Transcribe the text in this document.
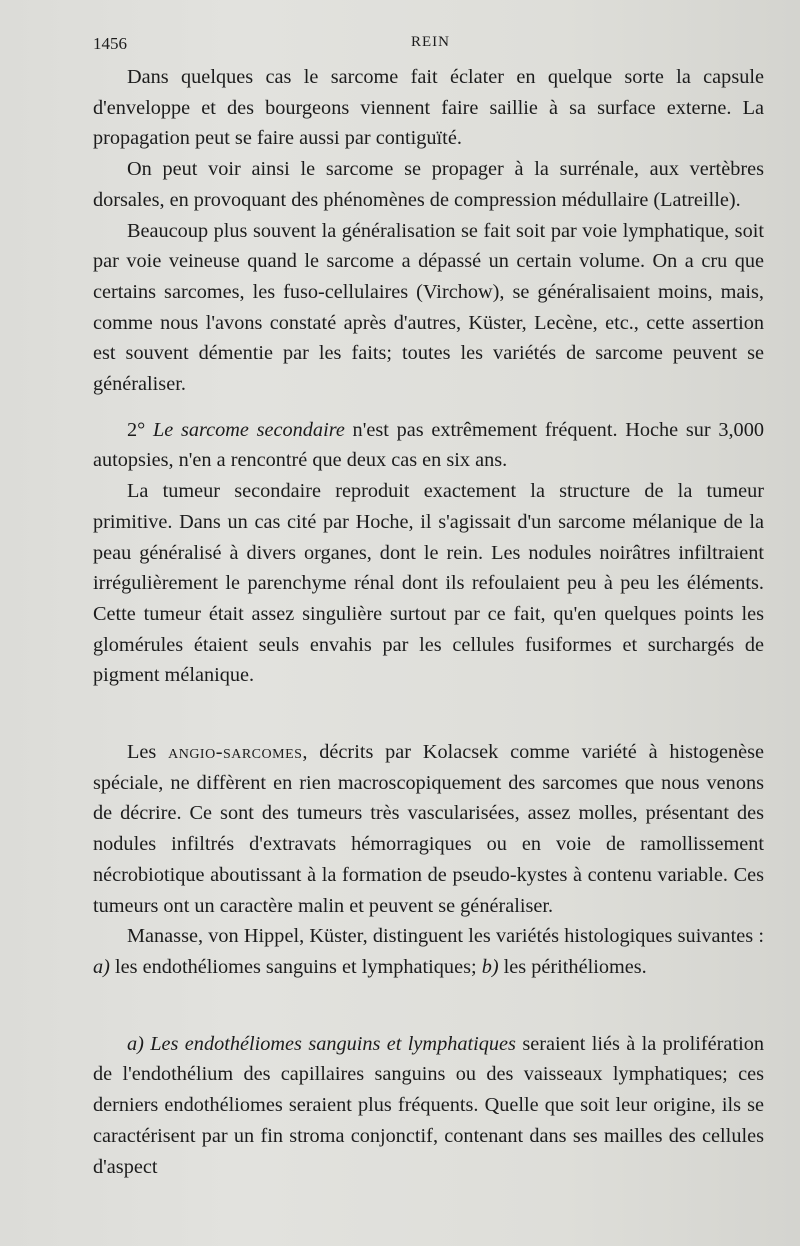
1456	REIN

Dans quelques cas le sarcome fait éclater en quelque sorte la capsule d'enveloppe et des bourgeons viennent faire saillie à sa surface externe. La propagation peut se faire aussi par contiguïté.

On peut voir ainsi le sarcome se propager à la surrénale, aux vertèbres dorsales, en provoquant des phénomènes de compression médullaire (Latreille).

Beaucoup plus souvent la généralisation se fait soit par voie lymphatique, soit par voie veineuse quand le sarcome a dépassé un certain volume. On a cru que certains sarcomes, les fuso-cellulaires (Virchow), se généralisaient moins, mais, comme nous l'avons constaté après d'autres, Küster, Lecène, etc., cette assertion est souvent démentie par les faits; toutes les variétés de sarcome peuvent se généraliser.

2° Le sarcome secondaire n'est pas extrêmement fréquent. Hoche sur 3,000 autopsies, n'en a rencontré que deux cas en six ans.

La tumeur secondaire reproduit exactement la structure de la tumeur primitive. Dans un cas cité par Hoche, il s'agissait d'un sarcome mélanique de la peau généralisé à divers organes, dont le rein. Les nodules noirâtres infiltraient irrégulièrement le parenchyme rénal dont ils refoulaient peu à peu les éléments. Cette tumeur était assez singulière surtout par ce fait, qu'en quelques points les glomérules étaient seuls envahis par les cellules fusiformes et surchargés de pigment mélanique.

Les angio-sarcomes, décrits par Kolacsek comme variété à histogenèse spéciale, ne diffèrent en rien macroscopiquement des sarcomes que nous venons de décrire. Ce sont des tumeurs très vascularisées, assez molles, présentant des nodules infiltrés d'extravats hémorragiques ou en voie de ramollissement nécrobiotique aboutissant à la formation de pseudo-kystes à contenu variable. Ces tumeurs ont un caractère malin et peuvent se généraliser.

Manasse, von Hippel, Küster, distinguent les variétés histologiques suivantes : a) les endothéliomes sanguins et lymphatiques; b) les périthéliomes.

a) Les endothéliomes sanguins et lymphatiques seraient liés à la prolifération de l'endothélium des capillaires sanguins ou des vaisseaux lymphatiques; ces derniers endothéliomes seraient plus fréquents. Quelle que soit leur origine, ils se caractérisent par un fin stroma conjonctif, contenant dans ses mailles des cellules d'aspect
